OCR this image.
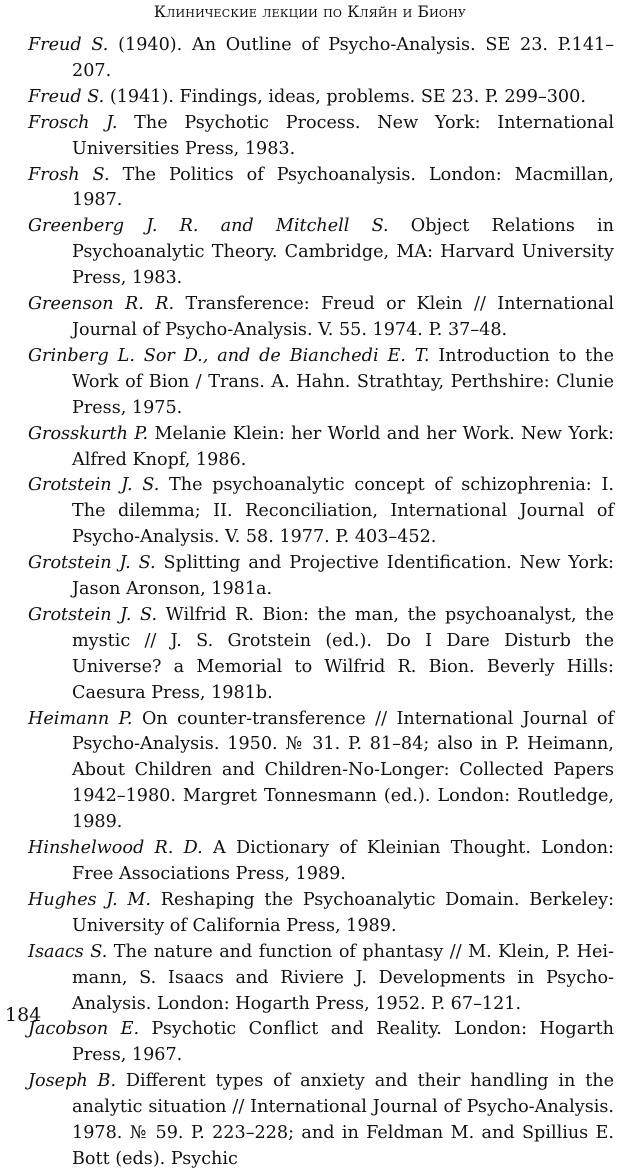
Клинические лекции по Кляйн и Биону
Freud S. (1940). An Outline of Psycho-Analysis. SE 23. P.141–207.
Freud S. (1941). Findings, ideas, problems. SE 23. P. 299–300.
Frosch J. The Psychotic Process. New York: International Universities Press, 1983.
Frosh S. The Politics of Psychoanalysis. London: Macmillan, 1987.
Greenberg J. R. and Mitchell S. Object Relations in Psychoanalytic Theory. Cambridge, MA: Harvard University Press, 1983.
Greenson R. R. Transference: Freud or Klein // International Journal of Psycho-Analysis. V. 55. 1974. P. 37–48.
Grinberg L. Sor D., and de Bianchedi E. T. Introduction to the Work of Bion / Trans. A. Hahn. Strathtay, Perthshire: Clunie Press, 1975.
Grosskurth P. Melanie Klein: her World and her Work. New York: Alfred Knopf, 1986.
Grotstein J. S. The psychoanalytic concept of schizophrenia: I. The dilemma; II. Reconciliation, International Journal of Psycho-Analysis. V. 58. 1977. P. 403–452.
Grotstein J. S. Splitting and Projective Identification. New York: Jason Aronson, 1981a.
Grotstein J. S. Wilfrid R. Bion: the man, the psychoanalyst, the mystic // J. S. Grotstein (ed.). Do I Dare Disturb the Universe? a Memorial to Wilfrid R. Bion. Beverly Hills: Caesura Press, 1981b.
Heimann P. On counter-transference // International Journal of Psycho-Analysis. 1950. № 31. P. 81–84; also in P. Heimann, About Children and Children-No-Longer: Collected Papers 1942–1980. Margret Tonnesmann (ed.). London: Routledge, 1989.
Hinshelwood R. D. A Dictionary of Kleinian Thought. London: Free Associations Press, 1989.
Hughes J. M. Reshaping the Psychoanalytic Domain. Berkeley: University of California Press, 1989.
Isaacs S. The nature and function of phantasy // M. Klein, P. Heimann, S. Isaacs and Riviere J. Developments in Psycho-Analysis. London: Hogarth Press, 1952. P. 67–121.
Jacobson E. Psychotic Conflict and Reality. London: Hogarth Press, 1967.
Joseph B. Different types of anxiety and their handling in the analytic situation // International Journal of Psycho-Analysis. 1978. № 59. P. 223–228; and in Feldman M. and Spillius E. Bott (eds). Psychic
184
